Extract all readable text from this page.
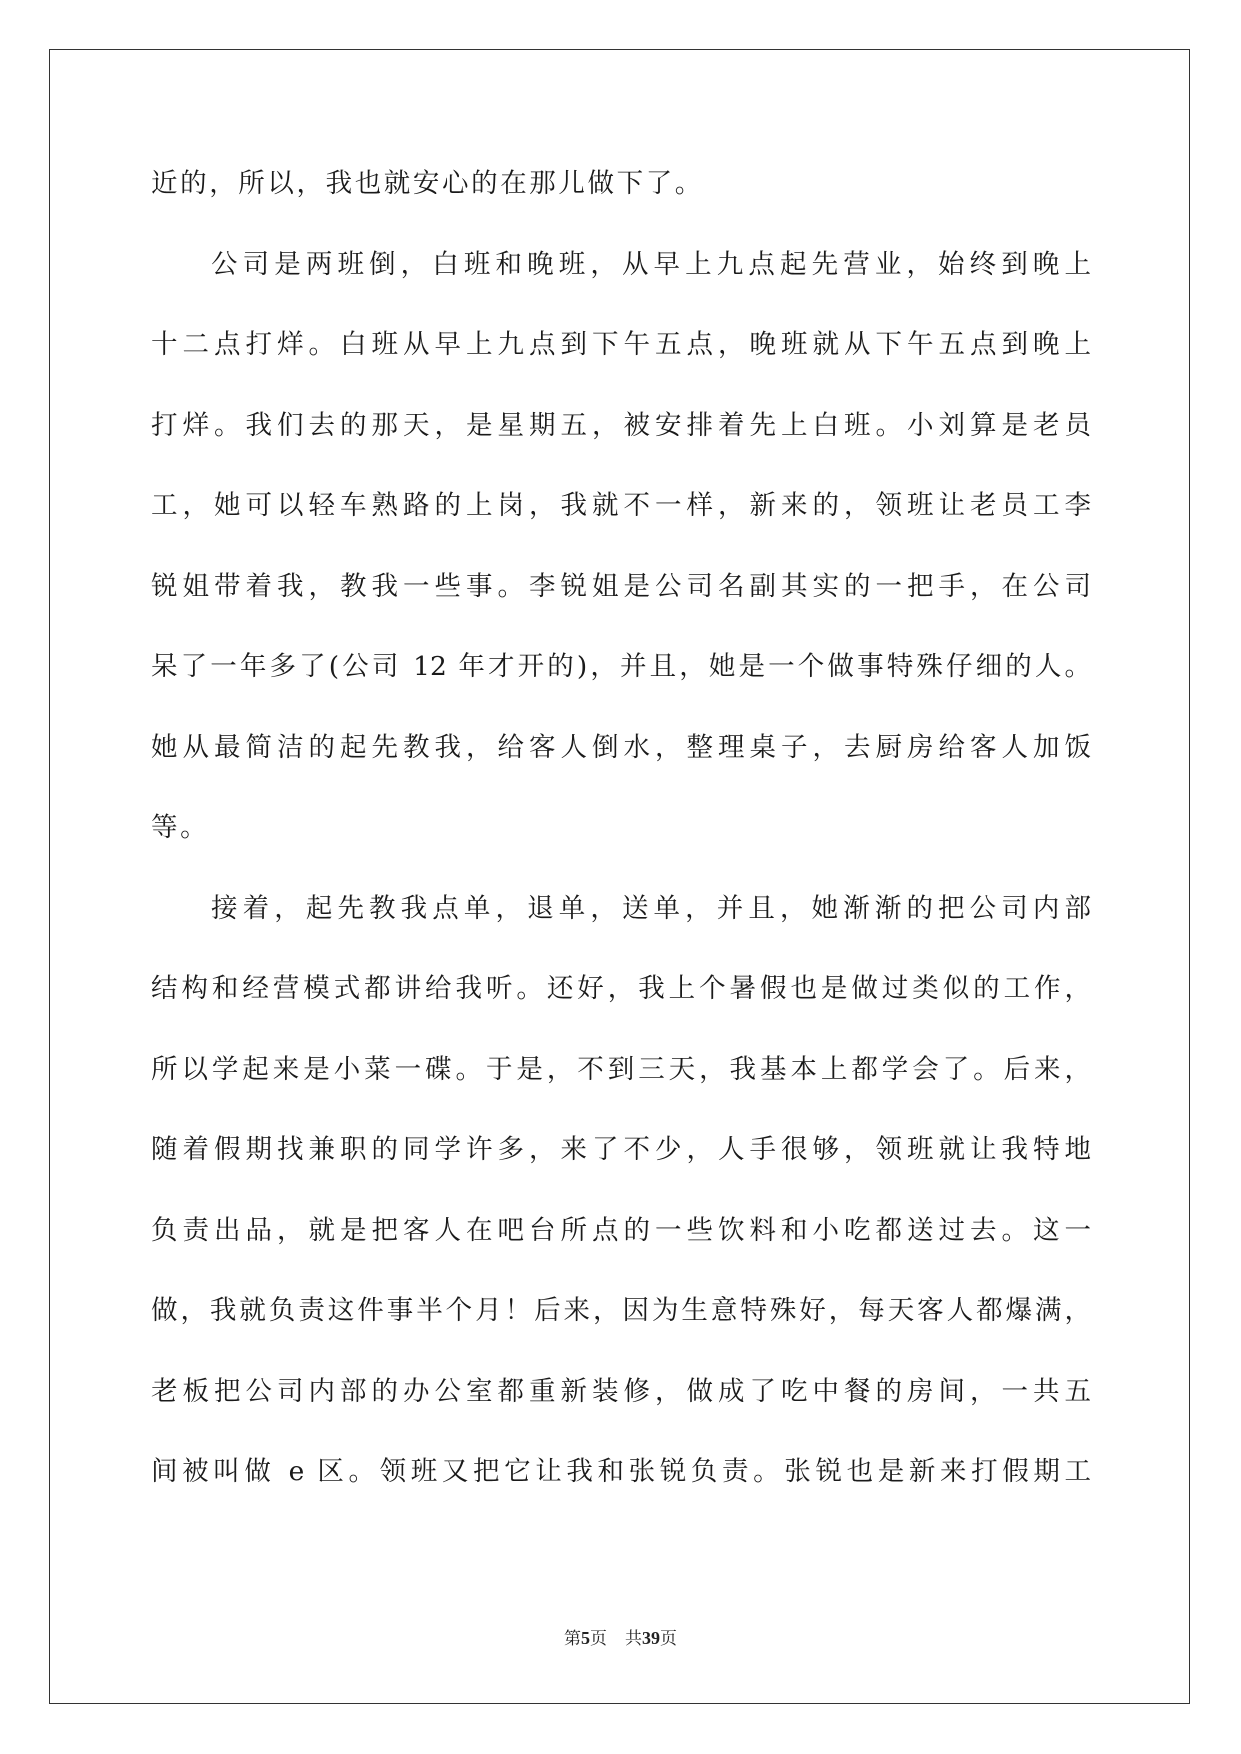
近的，所以，我也就安心的在那儿做下了。
公司是两班倒，白班和晚班，从早上九点起先营业，始终到晚上
十二点打烊。白班从早上九点到下午五点，晚班就从下午五点到晚上
打烊。我们去的那天，是星期五，被安排着先上白班。小刘算是老员
工，她可以轻车熟路的上岗，我就不一样，新来的，领班让老员工李
锐姐带着我，教我一些事。李锐姐是公司名副其实的一把手，在公司
呆了一年多了(公司 12 年才开的)，并且，她是一个做事特殊仔细的人。
她从最简洁的起先教我，给客人倒水，整理桌子，去厨房给客人加饭
等。
接着，起先教我点单，退单，送单，并且，她渐渐的把公司内部
结构和经营模式都讲给我听。还好，我上个暑假也是做过类似的工作，
所以学起来是小菜一碟。于是，不到三天，我基本上都学会了。后来，
随着假期找兼职的同学许多，来了不少，人手很够，领班就让我特地
负责出品，就是把客人在吧台所点的一些饮料和小吃都送过去。这一
做，我就负责这件事半个月！后来，因为生意特殊好，每天客人都爆满，
老板把公司内部的办公室都重新装修，做成了吃中餐的房间，一共五
间被叫做 e 区。领班又把它让我和张锐负责。张锐也是新来打假期工
第5页 共39页
